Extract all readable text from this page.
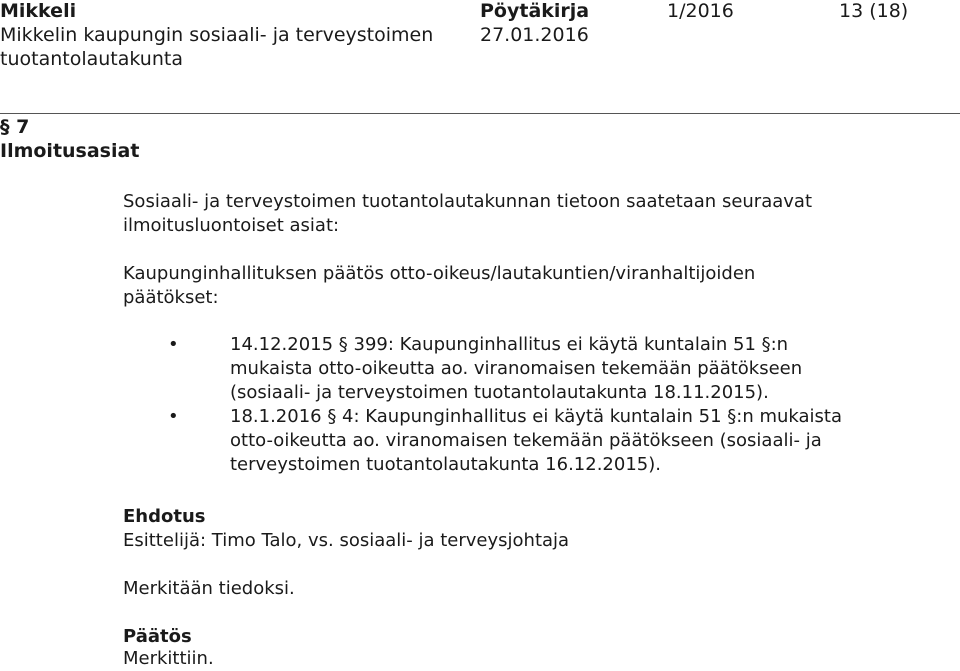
Mikkeli
Mikkelin kaupungin sosiaali- ja terveystoimen
tuotantolautakunta
Pöytäkirja
27.01.2016
1/2016	13 (18)
§ 7
Ilmoitusasiat
Sosiaali- ja terveystoimen tuotantolautakunnan tietoon saatetaan seuraavat
ilmoitusluontoiset asiat:
Kaupunginhallituksen päätös otto-oikeus/lautakuntien/viranhaltijoiden
päätökset:
•	14.12.2015 § 399: Kaupunginhallitus ei käytä kuntalain 51 §:n
mukaista otto-oikeutta ao. viranomaisen tekemään päätökseen
(sosiaali- ja terveystoimen tuotantolautakunta 18.11.2015).
•	18.1.2016 § 4: Kaupunginhallitus ei käytä kuntalain 51 §:n mukaista
otto-oikeutta ao. viranomaisen tekemään päätökseen (sosiaali- ja
terveystoimen tuotantolautakunta 16.12.2015).
Ehdotus
Esittelijä: Timo Talo, vs. sosiaali- ja terveysjohtaja
Merkitään tiedoksi.
Päätös
Merkittiin.
